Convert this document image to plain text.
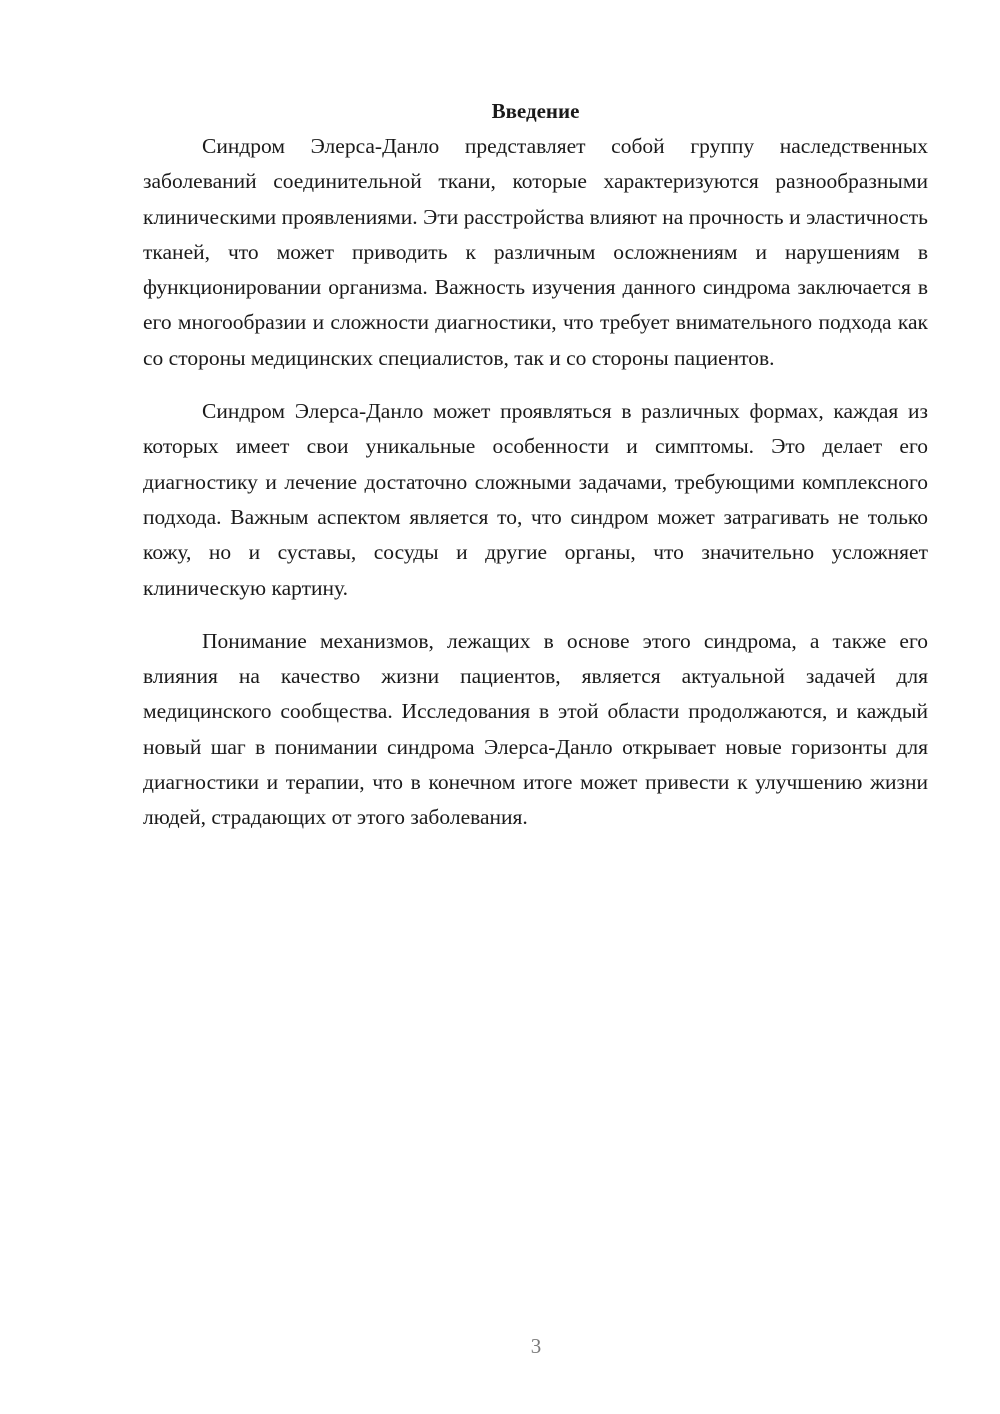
Введение

Синдром Элерса-Данло представляет собой группу наследственных заболеваний соединительной ткани, которые характеризуются разнообразными клиническими проявлениями. Эти расстройства влияют на прочность и эластичность тканей, что может приводить к различным осложнениям и нарушениям в функционировании организма. Важность изучения данного синдрома заключается в его многообразии и сложности диагностики, что требует внимательного подхода как со стороны медицинских специалистов, так и со стороны пациентов.

Синдром Элерса-Данло может проявляться в различных формах, каждая из которых имеет свои уникальные особенности и симптомы. Это делает его диагностику и лечение достаточно сложными задачами, требующими комплексного подхода. Важным аспектом является то, что синдром может затрагивать не только кожу, но и суставы, сосуды и другие органы, что значительно усложняет клиническую картину.

Понимание механизмов, лежащих в основе этого синдрома, а также его влияния на качество жизни пациентов, является актуальной задачей для медицинского сообщества. Исследования в этой области продолжаются, и каждый новый шаг в понимании синдрома Элерса-Данло открывает новые горизонты для диагностики и терапии, что в конечном итоге может привести к улучшению жизни людей, страдающих от этого заболевания.

3
